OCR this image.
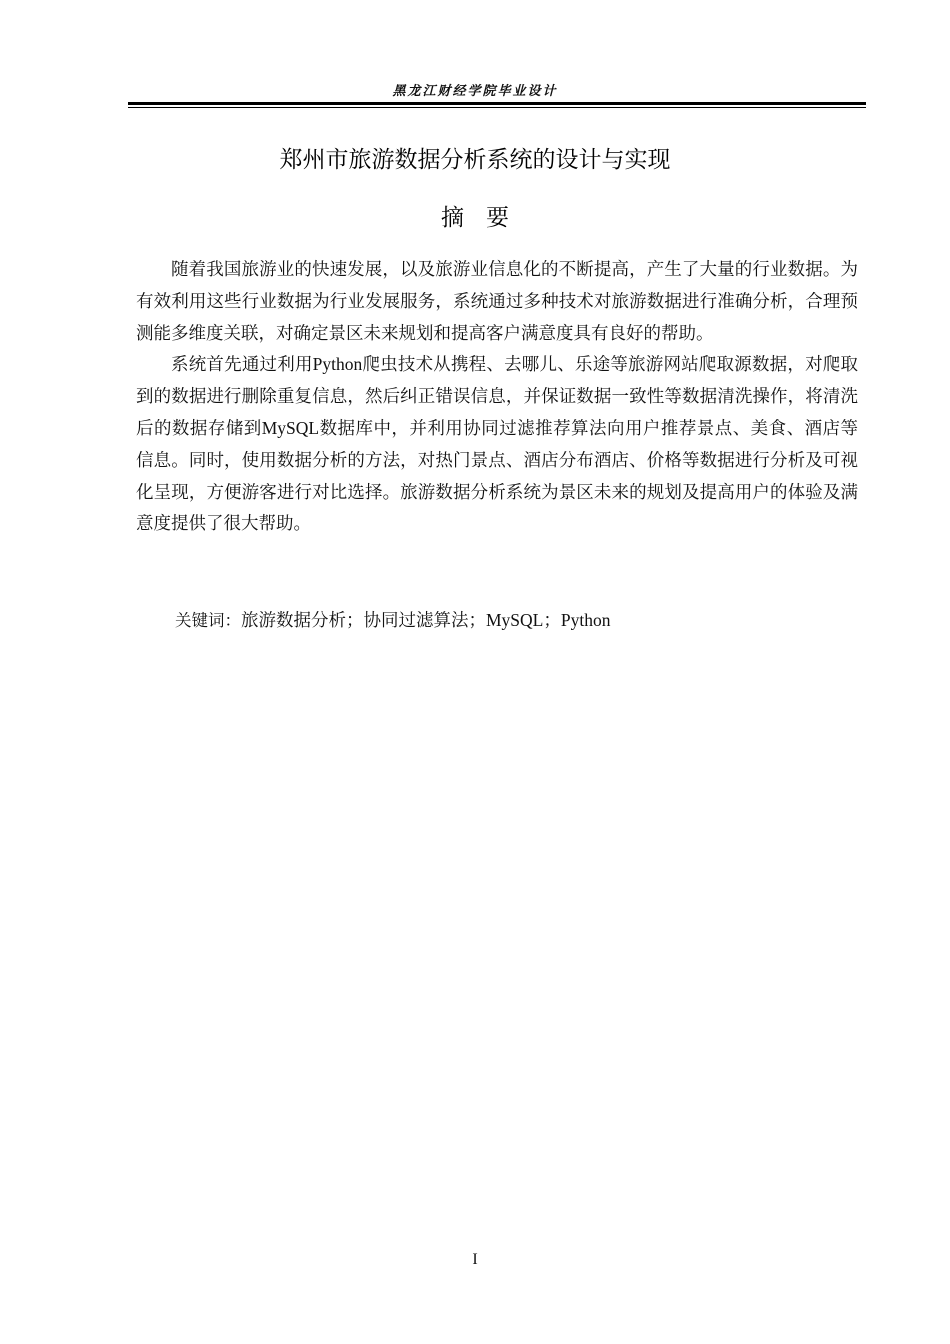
黑龙江财经学院毕业设计
郑州市旅游数据分析系统的设计与实现
摘要

随着我国旅游业的快速发展，以及旅游业信息化的不断提高，产生了大量的行业数据。为有效利用这些行业数据为行业发展服务，系统通过多种技术对旅游数据进行准确分析，合理预测能多维度关联，对确定景区未来规划和提高客户满意度具有良好的帮助。

系统首先通过利用Python爬虫技术从携程、去哪儿、乐途等旅游网站爬取源数据，对爬取到的数据进行删除重复信息，然后纠正错误信息，并保证数据一致性等数据清洗操作，将清洗后的数据存储到MySQL数据库中，并利用协同过滤推荐算法向用户推荐景点、美食、酒店等信息。同时，使用数据分析的方法，对热门景点、酒店分布酒店、价格等数据进行分析及可视化呈现，方便游客进行对比选择。旅游数据分析系统为景区未来的规划及提高用户的体验及满意度提供了很大帮助。

关键词：旅游数据分析；协同过滤算法；MySQL；Python
I
